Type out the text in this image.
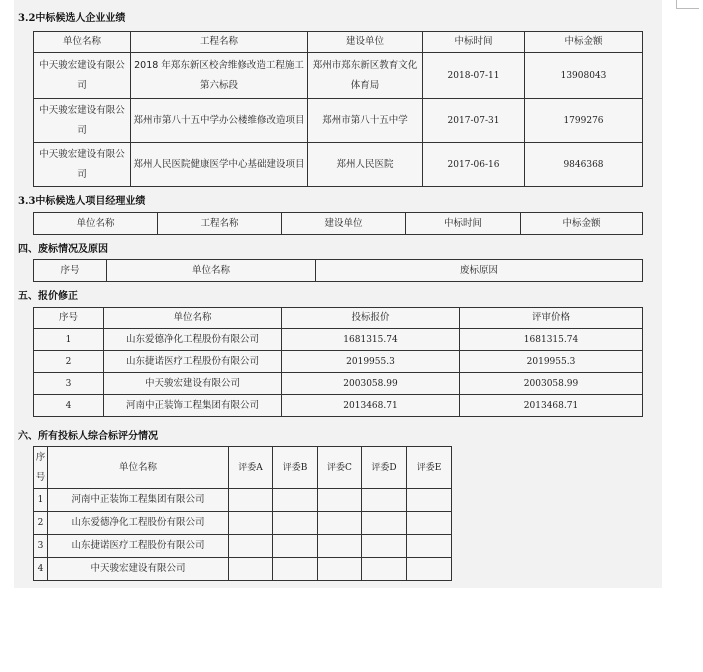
3.2中标候选人企业业绩
单位名称	工程名称	建设单位	中标时间	中标金额
中天骏宏建设有限公司	2018 年郑东新区校舍维修改造工程施工第六标段	郑州市郑东新区教育文化体育局	2018-07-11	13908043
中天骏宏建设有限公司	郑州市第八十五中学办公楼维修改造项目	郑州市第八十五中学	2017-07-31	1799276
中天骏宏建设有限公司	郑州人民医院健康医学中心基础建设项目	郑州人民医院	2017-06-16	9846368
3.3中标候选人项目经理业绩
单位名称	工程名称	建设单位	中标时间	中标金额
四、废标情况及原因
序号	单位名称	废标原因
五、报价修正
序号	单位名称	投标报价	评审价格
1	山东爱德净化工程股份有限公司	1681315.74	1681315.74
2	山东捷诺医疗工程股份有限公司	2019955.3	2019955.3
3	中天骏宏建设有限公司	2003058.99	2003058.99
4	河南中正装饰工程集团有限公司	2013468.71	2013468.71
六、所有投标人综合标评分情况
序号	单位名称	评委A	评委B	评委C	评委D	评委E
1	河南中正装饰工程集团有限公司					
2	山东爱德净化工程股份有限公司					
3	山东捷诺医疗工程股份有限公司					
4	中天骏宏建设有限公司					
